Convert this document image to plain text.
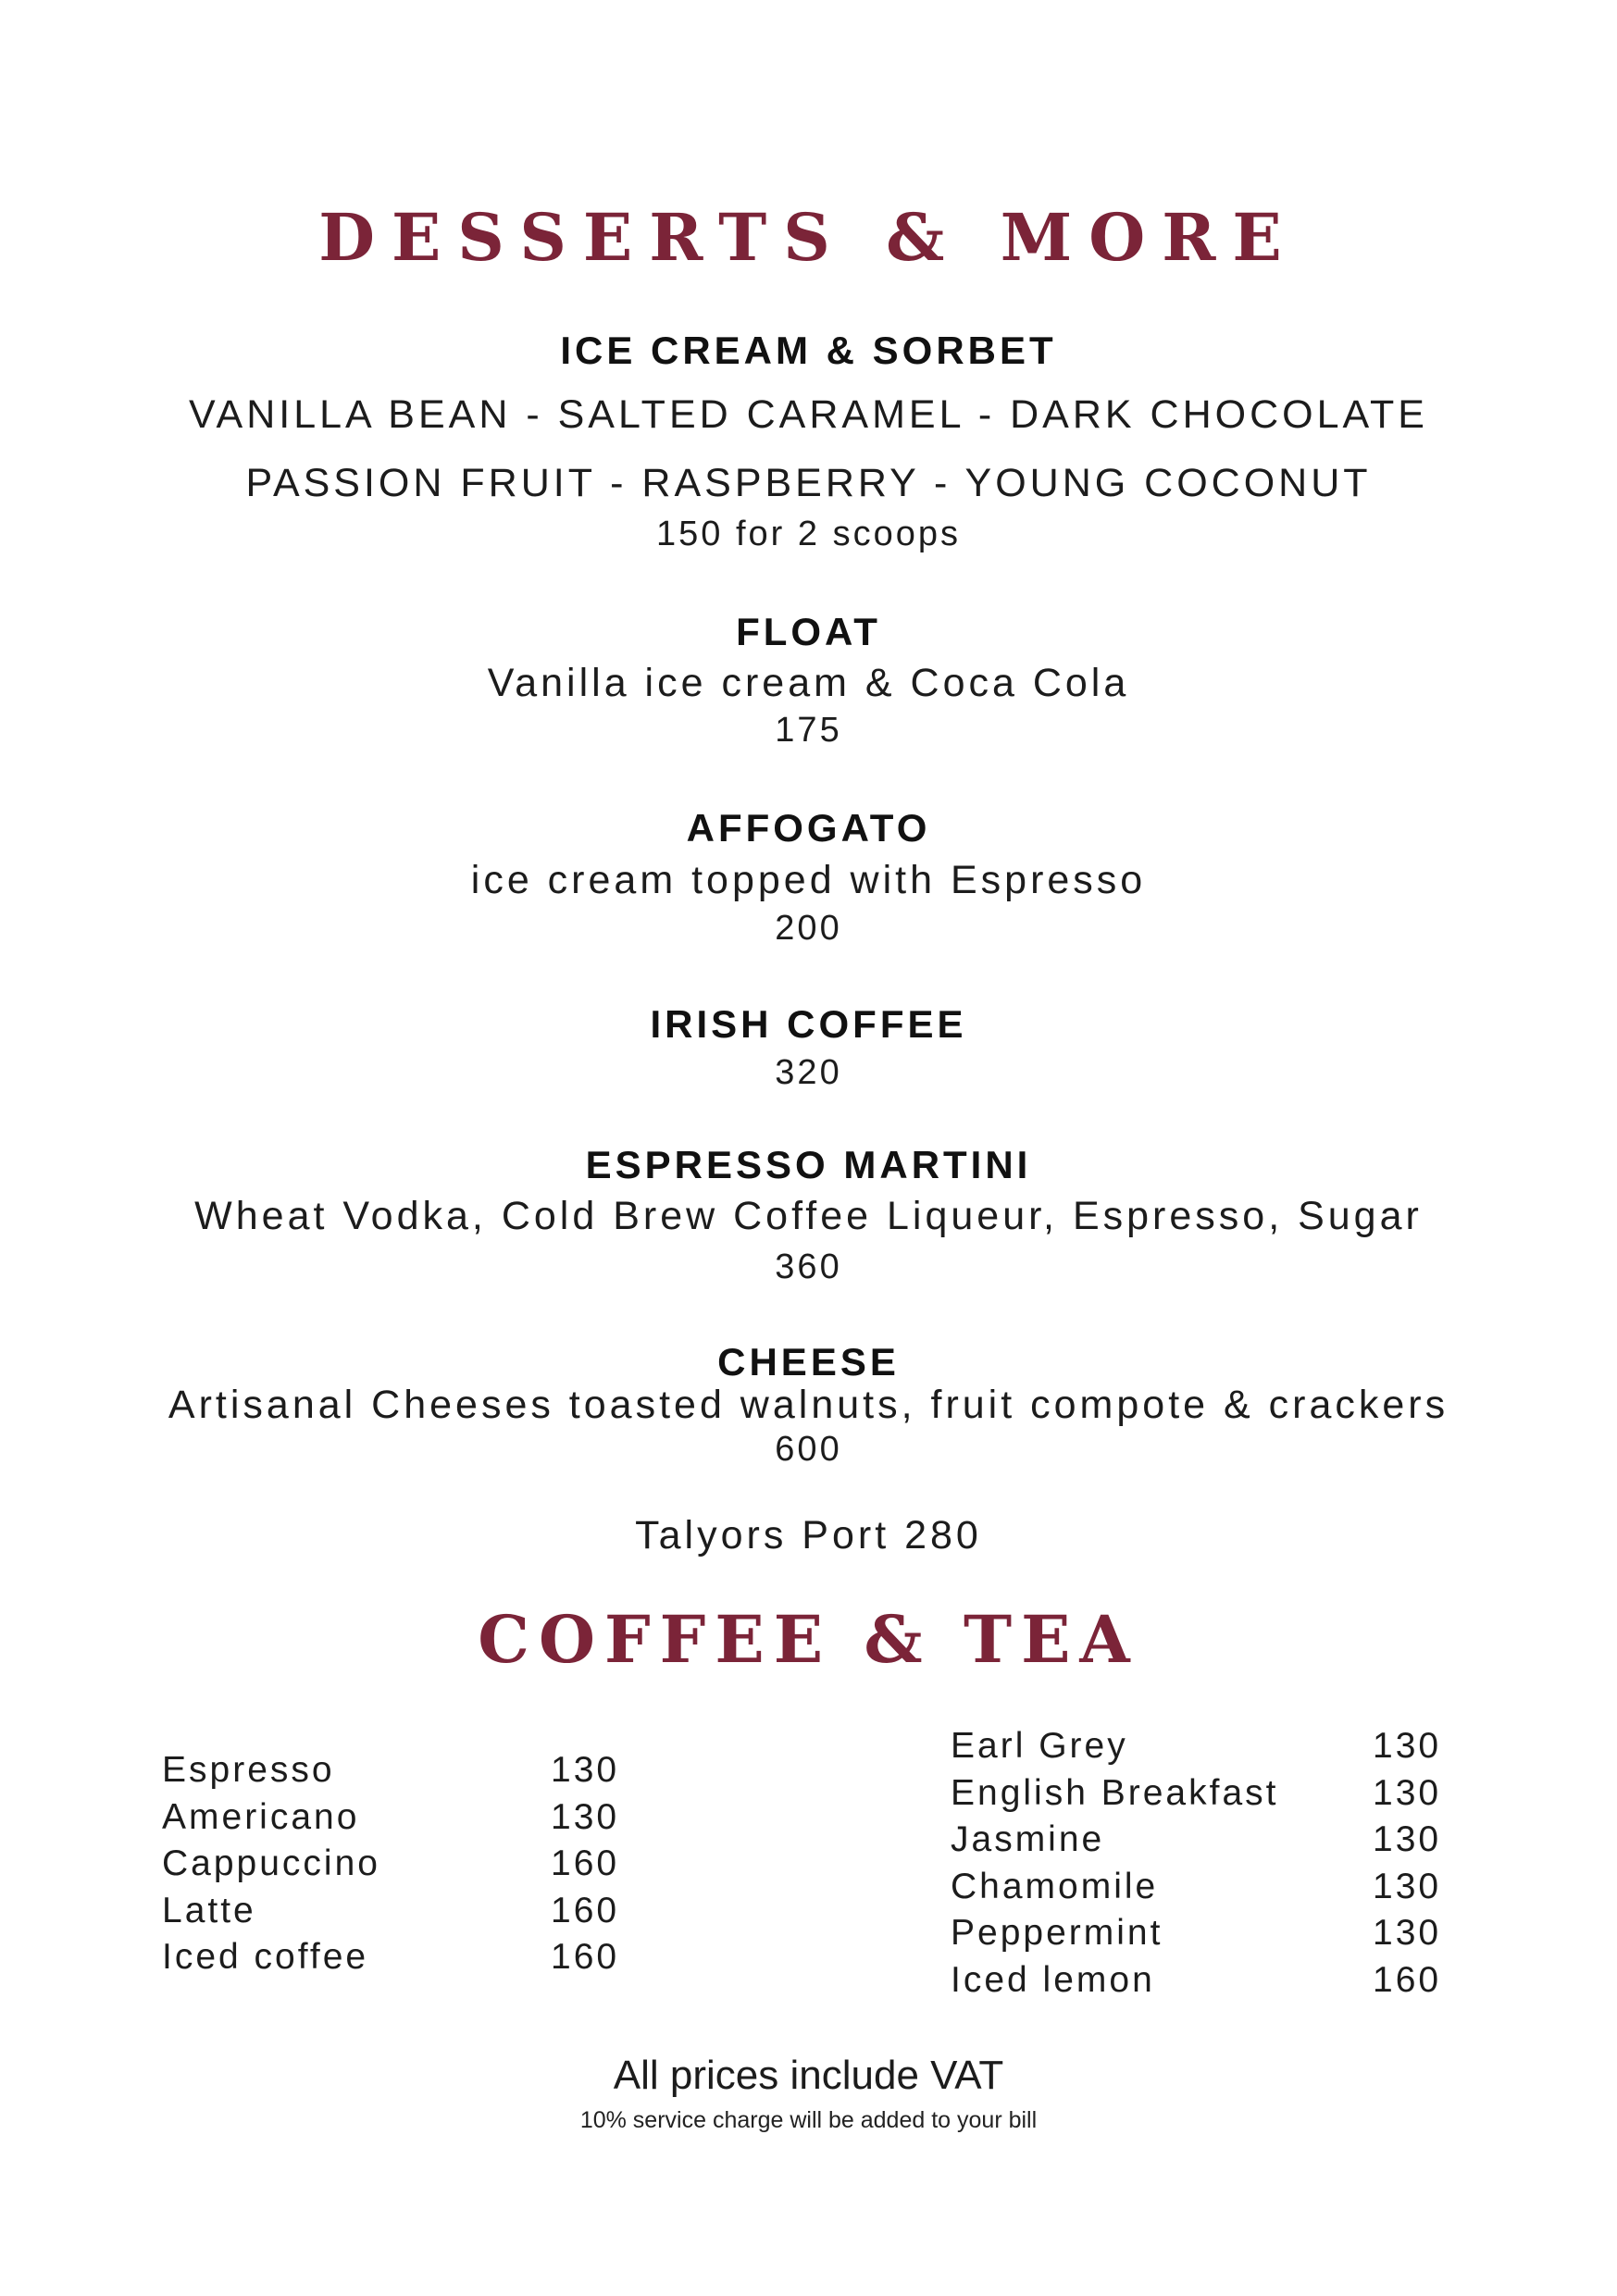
DESSERTS & MORE
ICE CREAM & SORBET
VANILLA BEAN - SALTED CARAMEL - DARK CHOCOLATE
PASSION FRUIT - RASPBERRY - YOUNG COCONUT
150 for 2 scoops
FLOAT
Vanilla ice cream & Coca Cola
175
AFFOGATO
ice cream topped with Espresso
200
IRISH COFFEE
320
ESPRESSO MARTINI
Wheat Vodka, Cold Brew Coffee Liqueur, Espresso, Sugar
360
CHEESE
Artisanal Cheeses toasted walnuts, fruit compote & crackers
600
Talyors Port 280
COFFEE & TEA
Espresso	130
Americano	130
Cappuccino	160
Latte	160
Iced coffee	160
Earl Grey	130
English Breakfast	130
Jasmine	130
Chamomile	130
Peppermint	130
Iced lemon	160
All prices include VAT
10% service charge will be added to your bill
